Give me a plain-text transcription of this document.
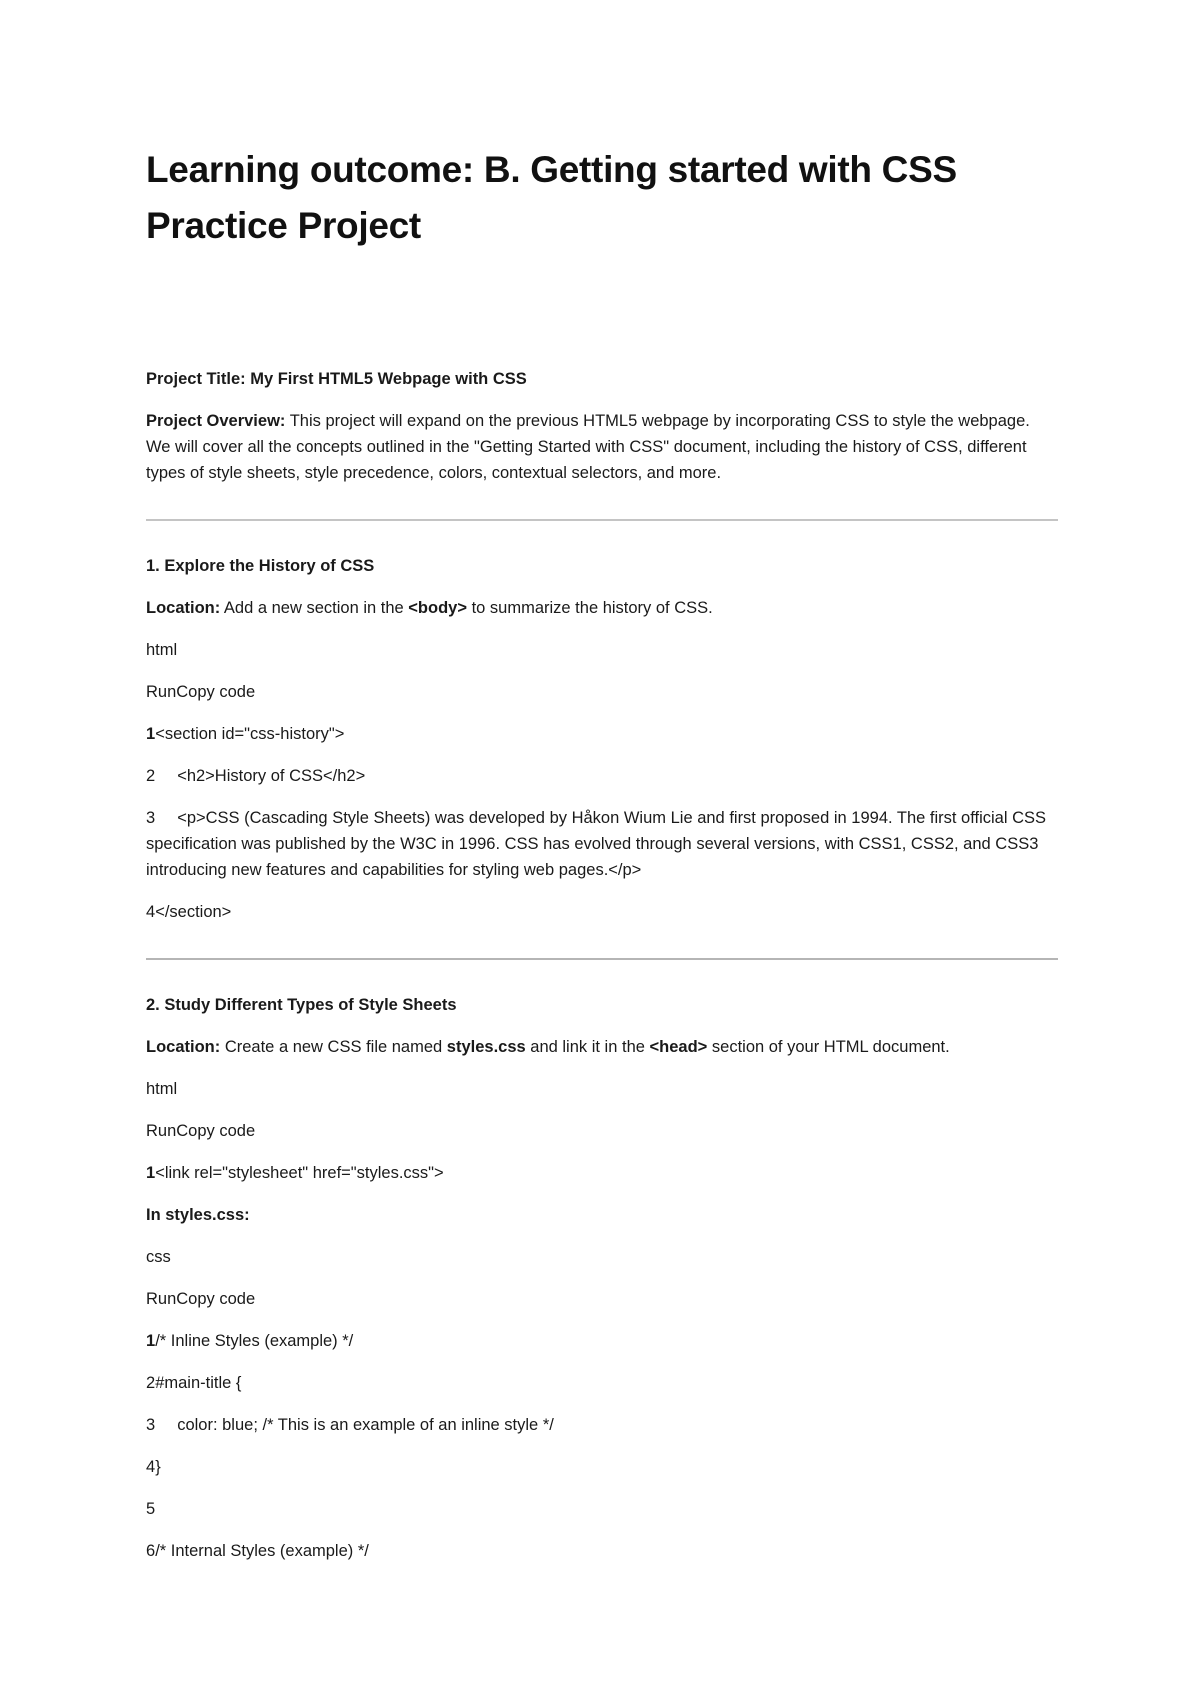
Learning outcome: B. Getting started with CSS
Practice Project

Project Title: My First HTML5 Webpage with CSS

Project Overview: This project will expand on the previous HTML5 webpage by incorporating CSS to style the webpage. We will cover all the concepts outlined in the "Getting Started with CSS" document, including the history of CSS, different types of style sheets, style precedence, colors, contextual selectors, and more.

1. Explore the History of CSS

Location: Add a new section in the <body> to summarize the history of CSS.

html

RunCopy code

1<section id="css-history">

2 <h2>History of CSS</h2>

3 <p>CSS (Cascading Style Sheets) was developed by Håkon Wium Lie and first proposed in 1994. The first official CSS specification was published by the W3C in 1996. CSS has evolved through several versions, with CSS1, CSS2, and CSS3 introducing new features and capabilities for styling web pages.</p>

4</section>

2. Study Different Types of Style Sheets

Location: Create a new CSS file named styles.css and link it in the <head> section of your HTML document.

html

RunCopy code

1<link rel="stylesheet" href="styles.css">

In styles.css:

css

RunCopy code

1/* Inline Styles (example) */

2#main-title {

3 color: blue; /* This is an example of an inline style */

4}

5

6/* Internal Styles (example) */
